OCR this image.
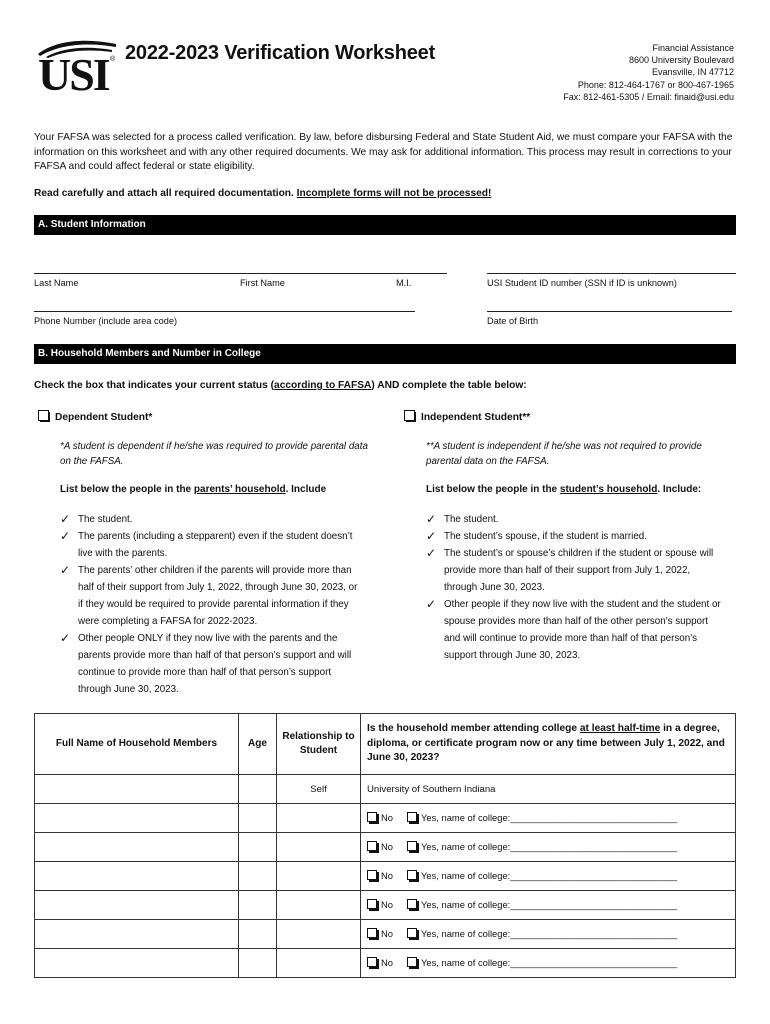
USI ® 2022-2023 Verification Worksheet	Financial Assistance
8600 University Boulevard
Evansville, IN 47712
Phone: 812-464-1767 or 800-467-1965
Fax: 812-461-5305 / Email: finaid@usi.edu
Your FAFSA was selected for a process called verification. By law, before disbursing Federal and State Student Aid, we must compare your FAFSA with the information on this worksheet and with any other required documents. We may ask for additional information. This process may result in corrections to your FAFSA and could affect federal or state eligibility.
Read carefully and attach all required documentation. Incomplete forms will not be processed!
A. Student Information
Last Name	First Name	M.I.	USI Student ID number (SSN if ID is unknown)
Phone Number (include area code)	Date of Birth
B. Household Members and Number in College
Check the box that indicates your current status (according to FAFSA) AND complete the table below:
Dependent Student*
*A student is dependent if he/she was required to provide parental data on the FAFSA.
List below the people in the parents’ household. Include
✓ The student.
✓ The parents (including a stepparent) even if the student doesn’t live with the parents.
✓ The parents’ other children if the parents will provide more than half of their support from July 1, 2022, through June 30, 2023, or if they would be required to provide parental information if they were completing a FAFSA for 2022-2023.
✓ Other people ONLY if they now live with the parents and the parents provide more than half of that person’s support and will continue to provide more than half of that person’s support through June 30, 2023.
Independent Student**
**A student is independent if he/she was not required to provide parental data on the FAFSA.
List below the people in the student’s household. Include:
✓ The student.
✓ The student’s spouse, if the student is married.
✓ The student’s or spouse’s children if the student or spouse will provide more than half of their support from July 1, 2022, through June 30, 2023.
✓ Other people if they now live with the student and the student or spouse provides more than half of the other person’s support and will continue to provide more than half of that person’s support through June 30, 2023.
Full Name of Household Members	Age	Relationship to Student	Is the household member attending college at least half-time in a degree, diploma, or certificate program now or any time between July 1, 2022, and June 30, 2023?
		Self	University of Southern Indiana
			No Yes, name of college:________________________________
			No Yes, name of college:________________________________
			No Yes, name of college:________________________________
			No Yes, name of college:________________________________
			No Yes, name of college:________________________________
			No Yes, name of college:________________________________
